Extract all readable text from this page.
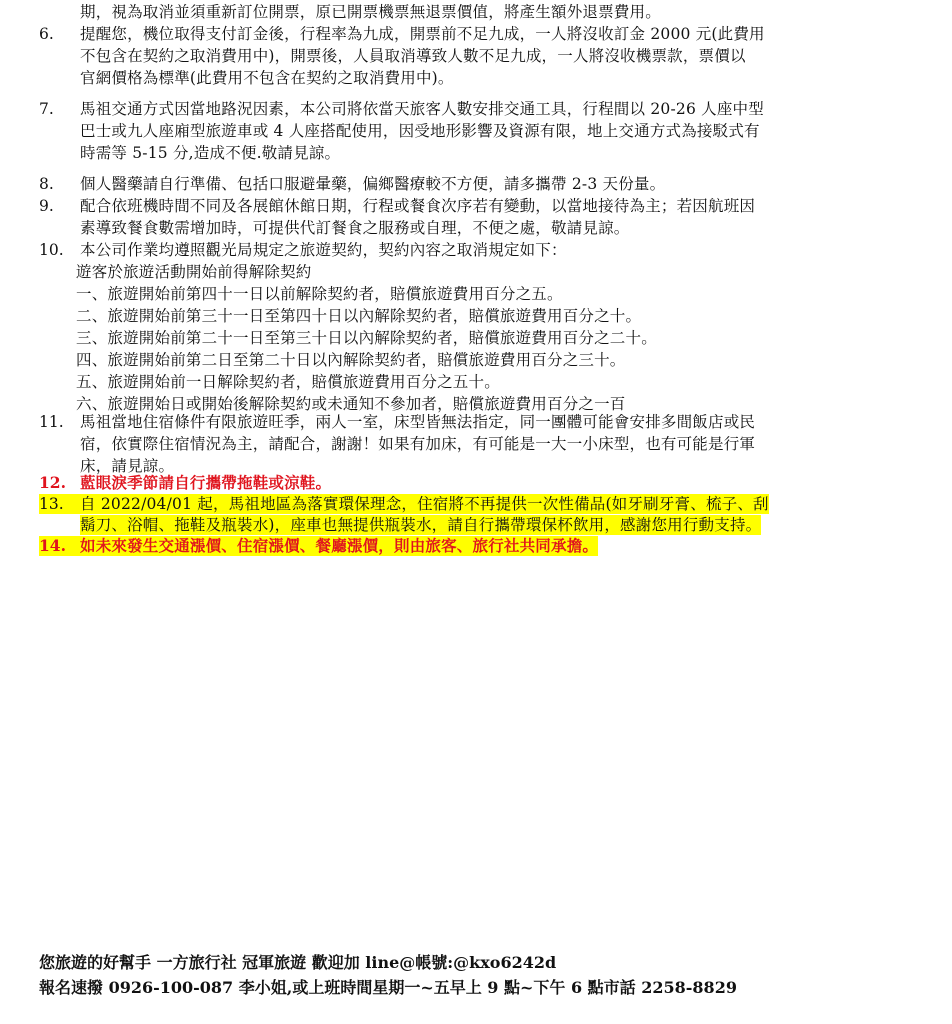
期，視為取消並須重新訂位開票，原已開票機票無退票價值，將產生額外退票費用。
6. 提醒您，機位取得支付訂金後，行程率為九成，開票前不足九成，一人將沒收訂金 2000 元(此費用
不包含在契約之取消費用中)，開票後，人員取消導致人數不足九成，一人將沒收機票款，票價以
官網價格為標準(此費用不包含在契約之取消費用中)。
7. 馬祖交通方式因當地路況因素，本公司將依當天旅客人數安排交通工具，行程間以 20-26 人座中型
巴士或九人座廂型旅遊車或 4 人座搭配使用，因受地形影響及資源有限，地上交通方式為接駁式有
時需等 5-15 分,造成不便.敬請見諒。
8. 個人醫藥請自行準備、包括口服避暈藥，偏鄉醫療較不方便，請多攜帶 2-3 天份量。
9. 配合依班機時間不同及各展館休館日期，行程或餐食次序若有變動，以當地接待為主；若因航班因
素導致餐食數需增加時，可提供代訂餐食之服務或自理，不便之處，敬請見諒。
10. 本公司作業均遵照觀光局規定之旅遊契約，契約內容之取消規定如下：
遊客於旅遊活動開始前得解除契約
一、旅遊開始前第四十一日以前解除契約者，賠償旅遊費用百分之五。
二、旅遊開始前第三十一日至第四十日以內解除契約者，賠償旅遊費用百分之十。
三、旅遊開始前第二十一日至第三十日以內解除契約者，賠償旅遊費用百分之二十。
四、旅遊開始前第二日至第二十日以內解除契約者，賠償旅遊費用百分之三十。
五、旅遊開始前一日解除契約者，賠償旅遊費用百分之五十。
六、旅遊開始日或開始後解除契約或未通知不參加者，賠償旅遊費用百分之一百
11. 馬祖當地住宿條件有限旅遊旺季，兩人一室，床型皆無法指定，同一團體可能會安排多間飯店或民
宿，依實際住宿情況為主，請配合，謝謝！如果有加床，有可能是一大一小床型，也有可能是行軍
床，請見諒。
12. 藍眼淚季節請自行攜帶拖鞋或涼鞋。
13.	自 2022/04/01 起，馬祖地區為落實環保理念，住宿將不再提供一次性備品(如牙刷牙膏、梳子、刮
鬍刀、浴帽、拖鞋及瓶裝水)，座車也無提供瓶裝水，請自行攜帶環保杯飲用，感謝您用行動支持。
14. 如未來發生交通漲價、住宿漲價、餐廳漲價，則由旅客、旅行社共同承擔。
您旅遊的好幫手 一方旅行社 冠軍旅遊 歡迎加 line@帳號:@kxo6242d
報名速撥 0926-100-087 李小姐,或上班時間星期一~五早上 9 點~下午 6 點市話 2258-8829
